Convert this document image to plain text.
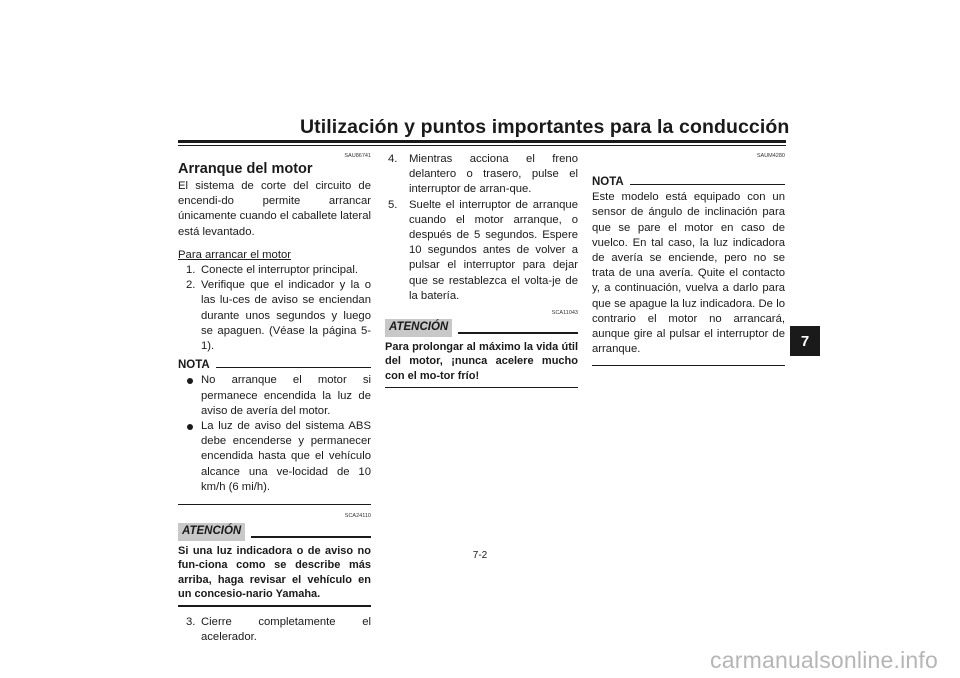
Utilización y puntos importantes para la conducción
7
SAU86741
Arranque del motor
El sistema de corte del circuito de encendi-do permite arrancar únicamente cuando el caballete lateral está levantado.
Para arrancar el motor
1. Conecte el interruptor principal.
2. Verifique que el indicador y la o las lu-ces de aviso se enciendan durante unos segundos y luego se apaguen. (Véase la página 5-1).
NOTA
No arranque el motor si permanece encendida la luz de aviso de avería del motor.
La luz de aviso del sistema ABS debe encenderse y permanecer encendida hasta que el vehículo alcance una ve-locidad de 10 km/h (6 mi/h).
SCA24110
ATENCIÓN
Si una luz indicadora o de aviso no fun-ciona como se describe más arriba, haga revisar el vehículo en un concesio-nario Yamaha.
3. Cierre completamente el acelerador.
4. Mientras acciona el freno delantero o trasero, pulse el interruptor de arran-que.
5. Suelte el interruptor de arranque cuando el motor arranque, o después de 5 segundos. Espere 10 segundos antes de volver a pulsar el interruptor para dejar que se restablezca el volta-je de la batería.
SCA11043
ATENCIÓN
Para prolongar al máximo la vida útil del motor, ¡nunca acelere mucho con el mo-tor frío!
SAUM4280
NOTA
Este modelo está equipado con un sensor de ángulo de inclinación para que se pare el motor en caso de vuelco. En tal caso, la luz indicadora de avería se enciende, pero no se trata de una avería. Quite el contacto y, a continuación, vuelva a darlo para que se apague la luz indicadora. De lo contrario el motor no arrancará, aunque gire al pulsar el interruptor de arranque.
7-2
carmanualsonline.info
